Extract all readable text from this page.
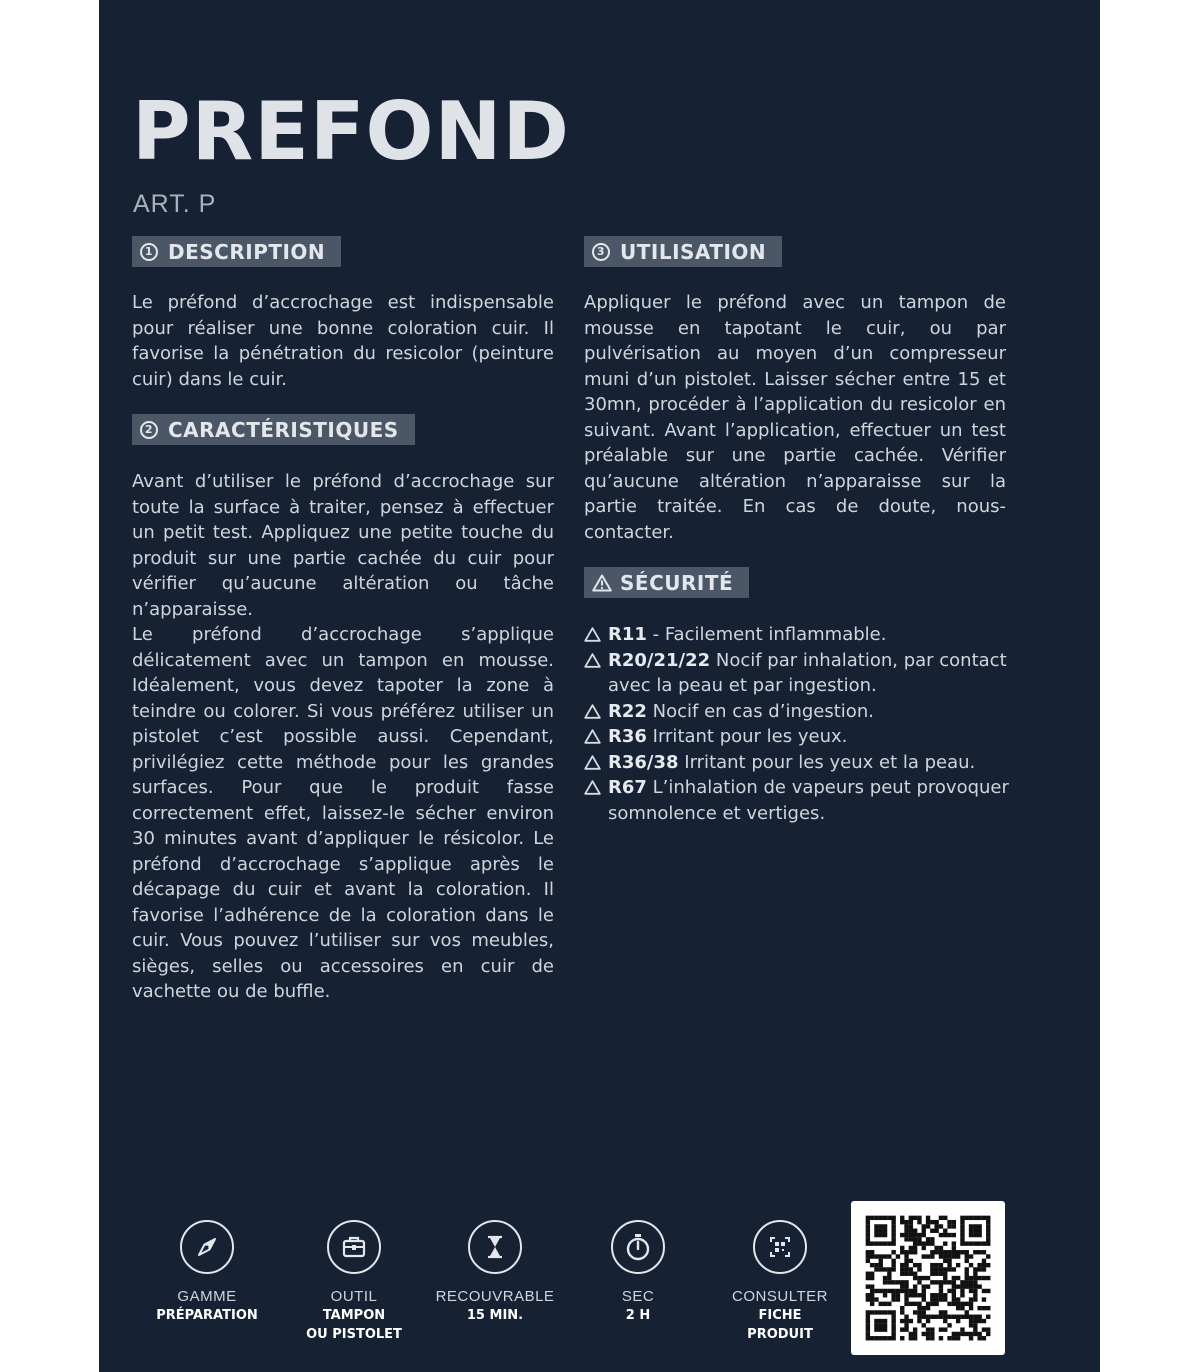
PREFOND
ART. P
1 DESCRIPTION

Le préfond d’accrochage est indispensable pour réaliser une bonne coloration cuir. Il favorise la pénétration du resicolor (peinture cuir) dans le cuir.

2 CARACTÉRISTIQUES

Avant d’utiliser le préfond d’accrochage sur toute la surface à traiter, pensez à effectuer un petit test. Appliquez une petite touche du produit sur une partie cachée du cuir pour vérifier qu’aucune altération ou tâche n’apparaisse.

Le préfond d’accrochage s’applique délicatement avec un tampon en mousse. Idéalement, vous devez tapoter la zone à teindre ou colorer. Si vous préférez utiliser un pistolet c’est possible aussi. Cependant, privilégiez cette méthode pour les grandes surfaces. Pour que le produit fasse correctement effet, laissez-le sécher environ 30 minutes avant d’appliquer le résicolor. Le préfond d’accrochage s’applique après le décapage du cuir et avant la coloration. Il favorise l’adhérence de la coloration dans le cuir. Vous pouvez l’utiliser sur vos meubles, sièges, selles ou accessoires en cuir de vachette ou de buffle.

3 UTILISATION

Appliquer le préfond avec un tampon de mousse en tapotant le cuir, ou par pulvérisation au moyen d’un compresseur muni d’un pistolet. Laisser sécher entre 15 et 30mn, procéder à l’application du resicolor en suivant. Avant l’application, effectuer un test préalable sur une partie cachée. Vérifier qu’aucune altération n’apparaisse sur la partie traitée. En cas de doute, nous-contacter.

SÉCURITÉ
R11 - Facilement inflammable.
R20/21/22 Nocif par inhalation, par contact avec la peau et par ingestion.
R22 Nocif en cas d’ingestion.
R36 Irritant pour les yeux.
R36/38 Irritant pour les yeux et la peau.
R67 L’inhalation de vapeurs peut provoquer somnolence et vertiges.
GAMME
PRÉPARATION
OUTIL
TAMPON
OU PISTOLET
RECOUVRABLE
15 MIN.
SEC
2 H
CONSULTER
FICHE
PRODUIT
